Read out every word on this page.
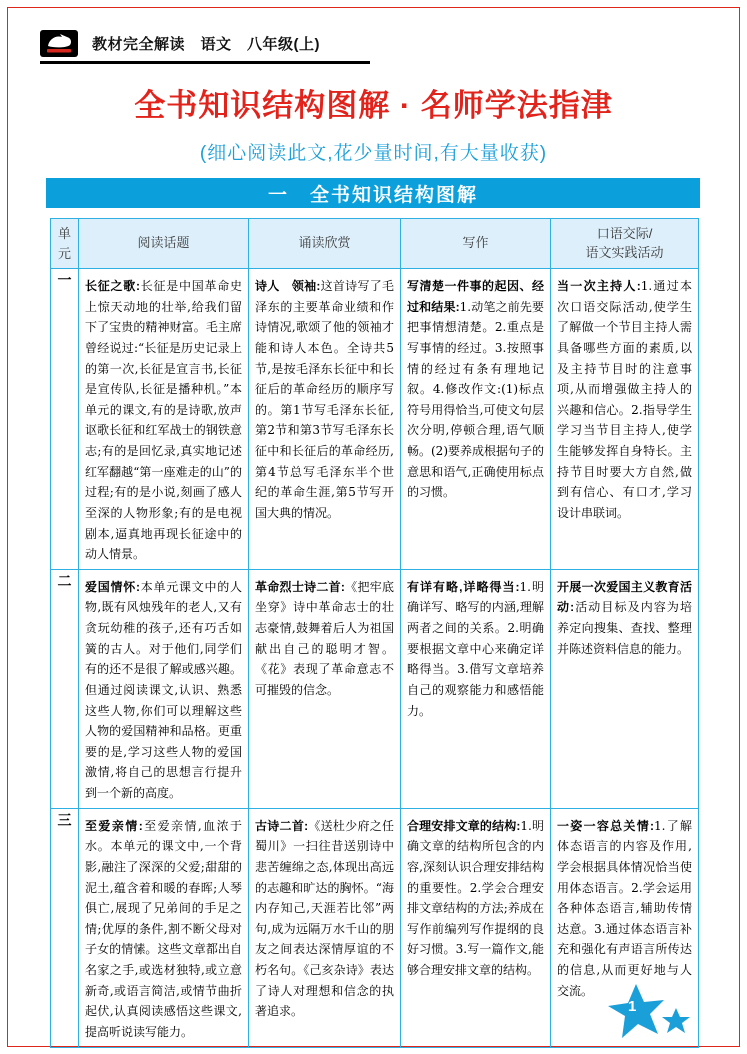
教材完全解读　语文　八年级(上)
全书知识结构图解 · 名师学法指津
(细心阅读此文,花少量时间,有大量收获)
一　全书知识结构图解
单元	阅读话题	诵读欣赏	写作	口语交际/
语文实践活动
一	长征之歌:长征是中国革命史上惊天动地的壮举,给我们留下了宝贵的精神财富。毛主席曾经说过:“长征是历史记录上的第一次,长征是宣言书,长征是宣传队,长征是播种机。”本单元的课文,有的是诗歌,放声讴歌长征和红军战士的钢铁意志;有的是回忆录,真实地记述红军翻越“第一座难走的山”的过程;有的是小说,刻画了感人至深的人物形象;有的是电视剧本,逼真地再现长征途中的动人情景。	诗人　领袖:这首诗写了毛泽东的主要革命业绩和作诗情况,歌颂了他的领袖才能和诗人本色。全诗共5节,是按毛泽东长征中和长征后的革命经历的顺序写的。第1节写毛泽东长征,第2节和第3节写毛泽东长征中和长征后的革命经历,第4节总写毛泽东半个世纪的革命生涯,第5节写开国大典的情况。	写清楚一件事的起因、经过和结果:1.动笔之前先要把事情想清楚。2.重点是写事情的经过。3.按照事情的经过有条有理地记叙。4.修改作文:(1)标点符号用得恰当,可使文句层次分明,停顿合理,语气顺畅。(2)要养成根据句子的意思和语气,正确使用标点的习惯。	当一次主持人:1.通过本次口语交际活动,使学生了解做一个节目主持人需具备哪些方面的素质,以及主持节目时的注意事项,从而增强做主持人的兴趣和信心。2.指导学生学习当节目主持人,使学生能够发挥自身特长。主持节目时要大方自然,做到有信心、有口才,学习设计串联词。
二	爱国情怀:本单元课文中的人物,既有风烛残年的老人,又有贪玩幼稚的孩子,还有巧舌如簧的古人。对于他们,同学们有的还不是很了解或感兴趣。但通过阅读课文,认识、熟悉这些人物,你们可以理解这些人物的爱国精神和品格。更重要的是,学习这些人物的爱国激情,将自己的思想言行提升到一个新的高度。	革命烈士诗二首:《把牢底坐穿》诗中革命志士的壮志豪情,鼓舞着后人为祖国献出自己的聪明才智。《花》表现了革命意志不可摧毁的信念。	有详有略,详略得当:1.明确详写、略写的内涵,理解两者之间的关系。2.明确要根据文章中心来确定详略得当。3.借写文章培养自己的观察能力和感悟能力。	开展一次爱国主义教育活动:活动目标及内容为培养定向搜集、查找、整理并陈述资料信息的能力。
三	至爱亲情:至爱亲情,血浓于水。本单元的课文中,一个背影,融注了深深的父爱;甜甜的泥土,蕴含着和暖的春晖;人琴俱亡,展现了兄弟间的手足之情;优厚的条件,割不断父母对子女的情愫。这些文章都出自名家之手,或选材独特,或立意新奇,或语言简洁,或情节曲折起伏,认真阅读感悟这些课文,提高听说读写能力。	古诗二首:《送杜少府之任蜀川》一扫往昔送别诗中悲苦缠绵之态,体现出高远的志趣和旷达的胸怀。“海内存知己,天涯若比邻”两句,成为远隔万水千山的朋友之间表达深情厚谊的不朽名句。《己亥杂诗》表达了诗人对理想和信念的执著追求。	合理安排文章的结构:1.明确文章的结构所包含的内容,深刻认识合理安排结构的重要性。2.学会合理安排文章结构的方法;养成在写作前编列写作提纲的良好习惯。3.写一篇作文,能够合理安排文章的结构。	一姿一容总关情:1.了解体态语言的内容及作用,学会根据具体情况恰当使用体态语言。2.学会运用各种体态语言,辅助传情达意。3.通过体态语言补充和强化有声语言所传达的信息,从而更好地与人交流。
1
